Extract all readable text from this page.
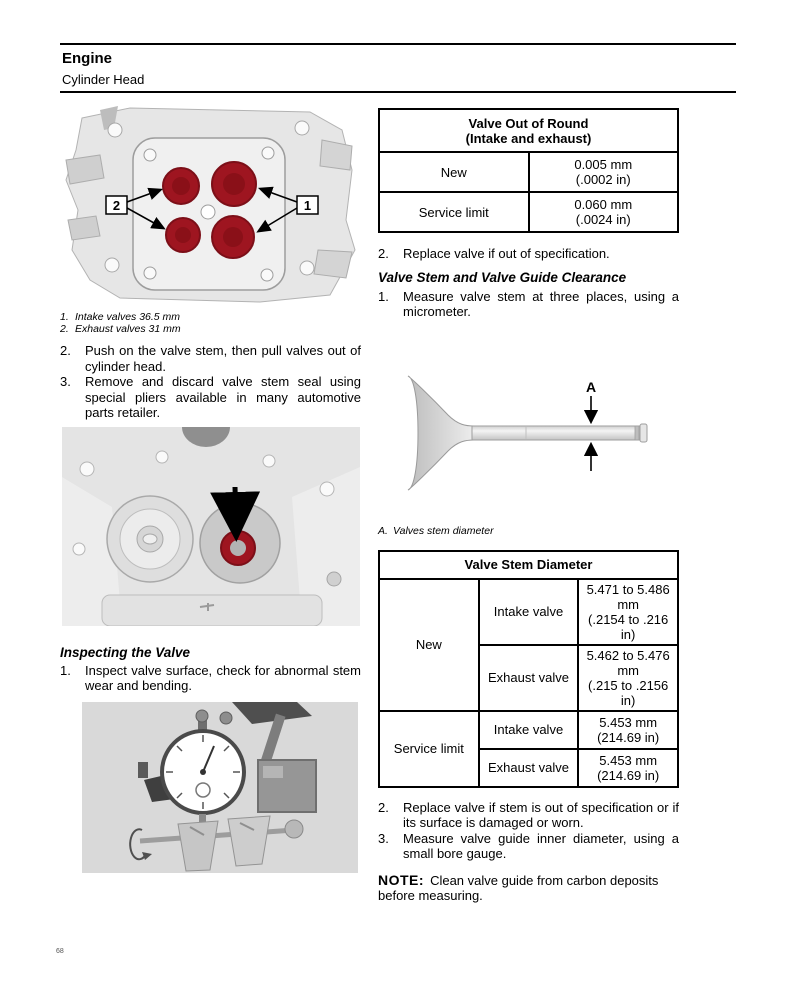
Engine
Cylinder Head
2	1
1. Intake valves 36.5 mm
2. Exhaust valves 31 mm
2.	Push on the valve stem, then pull valves out of cylinder head.
3.	Remove and discard valve stem seal using special pliers available in many automotive parts retailer.
Inspecting the Valve
1.	Inspect valve surface, check for abnormal stem wear and bending.
Valve Out of Round
(Intake and exhaust)	

New	0.005 mm
(.0002 in)

Service limit	0.060 mm
(.0024 in)
2.	Replace valve if out of specification.
Valve Stem and Valve Guide Clearance
1.	Measure valve stem at three places, using a micrometer.
A
A. Valves stem diameter
Valve Stem Diameter		
New	Intake valve	5.471 to 5.486 mm
(.2154 to .216 in)

	Exhaust valve	5.462 to 5.476 mm
(.215 to .2156 in)

Service limit	Intake valve	5.453 mm
(214.69 in)

	Exhaust valve	5.453 mm
(214.69 in)
2.	Replace valve if stem is out of specification or if its surface is damaged or worn.
3.	Measure valve guide inner diameter, using a small bore gauge.
NOTE: Clean valve guide from carbon deposits before measuring.
68
